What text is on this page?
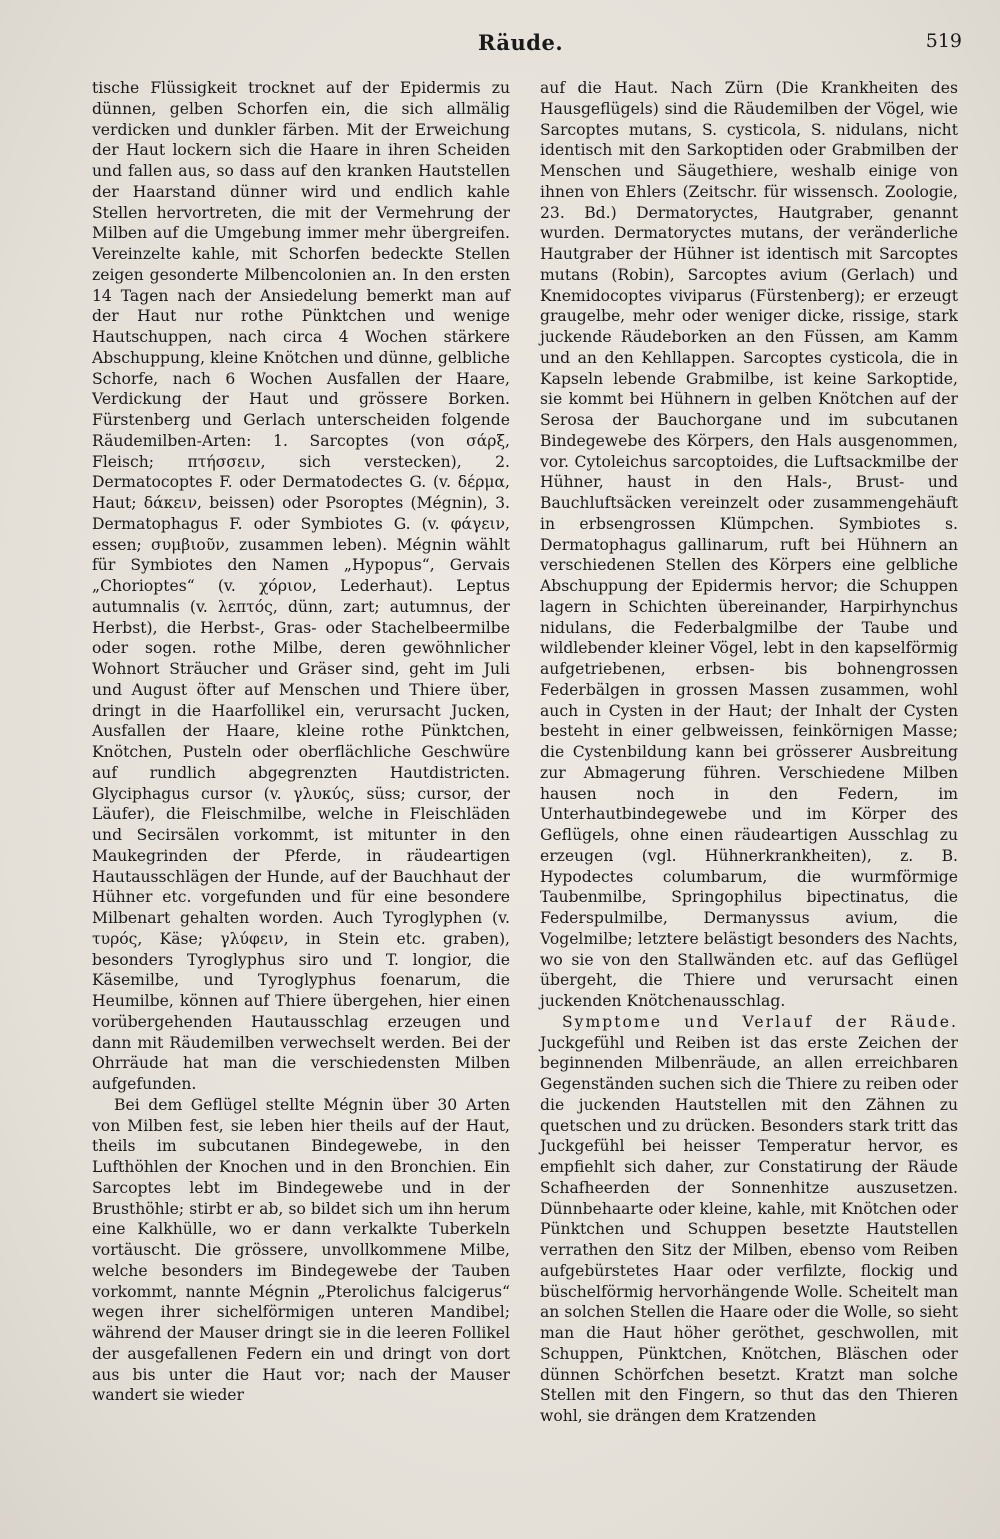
Räude.	519

tische Flüssigkeit trocknet auf der Epidermis zu dünnen, gelben Schorfen ein, die sich allmälig verdicken und dunkler färben. Mit der Erweichung der Haut lockern sich die Haare in ihren Scheiden und fallen aus, so dass auf den kranken Hautstellen der Haarstand dünner wird und endlich kahle Stellen hervortreten, die mit der Vermehrung der Milben auf die Umgebung immer mehr übergreifen. Vereinzelte kahle, mit Schorfen bedeckte Stellen zeigen gesonderte Milbencolonien an. In den ersten 14 Tagen nach der Ansiedelung bemerkt man auf der Haut nur rothe Pünktchen und wenige Hautschuppen, nach circa 4 Wochen stärkere Abschuppung, kleine Knötchen und dünne, gelbliche Schorfe, nach 6 Wochen Ausfallen der Haare, Verdickung der Haut und grössere Borken. Fürstenberg und Gerlach unterscheiden folgende Räudemilben-Arten: 1. Sarcoptes (von σάρξ, Fleisch; πτήσσειν, sich verstecken), 2. Dermatocoptes F. oder Dermatodectes G. (v. δέρμα, Haut; δάκειν, beissen) oder Psoroptes (Mégnin), 3. Dermatophagus F. oder Symbiotes G. (v. φάγειν, essen; συμβιοῦν, zusammen leben). Mégnin wählt für Symbiotes den Namen „Hypopus“, Gervais „Chorioptes“ (v. χόριον, Lederhaut). Leptus autumnalis (v. λεπτός, dünn, zart; autumnus, der Herbst), die Herbst-, Gras- oder Stachelbeermilbe oder sogen. rothe Milbe, deren gewöhnlicher Wohnort Sträucher und Gräser sind, geht im Juli und August öfter auf Menschen und Thiere über, dringt in die Haarfollikel ein, verursacht Jucken, Ausfallen der Haare, kleine rothe Pünktchen, Knötchen, Pusteln oder oberflächliche Geschwüre auf rundlich abgegrenzten Hautdistricten. Glyciphagus cursor (v. γλυκύς, süss; cursor, der Läufer), die Fleischmilbe, welche in Fleischläden und Secirsälen vorkommt, ist mitunter in den Maukegrinden der Pferde, in räudeartigen Hautausschlägen der Hunde, auf der Bauchhaut der Hühner etc. vorgefunden und für eine besondere Milbenart gehalten worden. Auch Tyroglyphen (v. τυρός, Käse; γλύφειν, in Stein etc. graben), besonders Tyroglyphus siro und T. longior, die Käsemilbe, und Tyroglyphus foenarum, die Heumilbe, können auf Thiere übergehen, hier einen vorübergehenden Hautausschlag erzeugen und dann mit Räudemilben verwechselt werden. Bei der Ohrräude hat man die verschiedensten Milben aufgefunden.

Bei dem Geflügel stellte Mégnin über 30 Arten von Milben fest, sie leben hier theils auf der Haut, theils im subcutanen Bindegewebe, in den Lufthöhlen der Knochen und in den Bronchien. Ein Sarcoptes lebt im Bindegewebe und in der Brusthöhle; stirbt er ab, so bildet sich um ihn herum eine Kalkhülle, wo er dann verkalkte Tuberkeln vortäuscht. Die grössere, unvollkommene Milbe, welche besonders im Bindegewebe der Tauben vorkommt, nannte Mégnin „Pterolichus falcigerus“ wegen ihrer sichelförmigen unteren Mandibel; während der Mauser dringt sie in die leeren Follikel der ausgefallenen Federn ein und dringt von dort aus bis unter die Haut vor; nach der Mauser wandert sie wieder

auf die Haut. Nach Zürn (Die Krankheiten des Hausgeflügels) sind die Räudemilben der Vögel, wie Sarcoptes mutans, S. cysticola, S. nidulans, nicht identisch mit den Sarkoptiden oder Grabmilben der Menschen und Säugethiere, weshalb einige von ihnen von Ehlers (Zeitschr. für wissensch. Zoologie, 23. Bd.) Dermatoryctes, Hautgraber, genannt wurden. Dermatoryctes mutans, der veränderliche Hautgraber der Hühner ist identisch mit Sarcoptes mutans (Robin), Sarcoptes avium (Gerlach) und Knemidocoptes viviparus (Fürstenberg); er erzeugt graugelbe, mehr oder weniger dicke, rissige, stark juckende Räudeborken an den Füssen, am Kamm und an den Kehllappen. Sarcoptes cysticola, die in Kapseln lebende Grabmilbe, ist keine Sarkoptide, sie kommt bei Hühnern in gelben Knötchen auf der Serosa der Bauchorgane und im subcutanen Bindegewebe des Körpers, den Hals ausgenommen, vor. Cytoleichus sarcoptoides, die Luftsackmilbe der Hühner, haust in den Hals-, Brust- und Bauchluftsäcken vereinzelt oder zusammengehäuft in erbsengrossen Klümpchen. Symbiotes s. Dermatophagus gallinarum, ruft bei Hühnern an verschiedenen Stellen des Körpers eine gelbliche Abschuppung der Epidermis hervor; die Schuppen lagern in Schichten übereinander, Harpirhynchus nidulans, die Federbalgmilbe der Taube und wildlebender kleiner Vögel, lebt in den kapselförmig aufgetriebenen, erbsen- bis bohnengrossen Federbälgen in grossen Massen zusammen, wohl auch in Cysten in der Haut; der Inhalt der Cysten besteht in einer gelbweissen, feinkörnigen Masse; die Cystenbildung kann bei grösserer Ausbreitung zur Abmagerung führen. Verschiedene Milben hausen noch in den Federn, im Unterhautbindegewebe und im Körper des Geflügels, ohne einen räudeartigen Ausschlag zu erzeugen (vgl. Hühnerkrankheiten), z. B. Hypodectes columbarum, die wurmförmige Taubenmilbe, Springophilus bipectinatus, die Federspulmilbe, Dermanyssus avium, die Vogelmilbe; letztere belästigt besonders des Nachts, wo sie von den Stallwänden etc. auf das Geflügel übergeht, die Thiere und verursacht einen juckenden Knötchenausschlag.

Symptome und Verlauf der Räude. Juckgefühl und Reiben ist das erste Zeichen der beginnenden Milbenräude, an allen erreichbaren Gegenständen suchen sich die Thiere zu reiben oder die juckenden Hautstellen mit den Zähnen zu quetschen und zu drücken. Besonders stark tritt das Juckgefühl bei heisser Temperatur hervor, es empfiehlt sich daher, zur Constatirung der Räude Schafheerden der Sonnenhitze auszusetzen. Dünnbehaarte oder kleine, kahle, mit Knötchen oder Pünktchen und Schuppen besetzte Hautstellen verrathen den Sitz der Milben, ebenso vom Reiben aufgebürstetes Haar oder verfilzte, flockig und büschelförmig hervorhängende Wolle. Scheitelt man an solchen Stellen die Haare oder die Wolle, so sieht man die Haut höher geröthet, geschwollen, mit Schuppen, Pünktchen, Knötchen, Bläschen oder dünnen Schörfchen besetzt. Kratzt man solche Stellen mit den Fingern, so thut das den Thieren wohl, sie drängen dem Kratzenden
